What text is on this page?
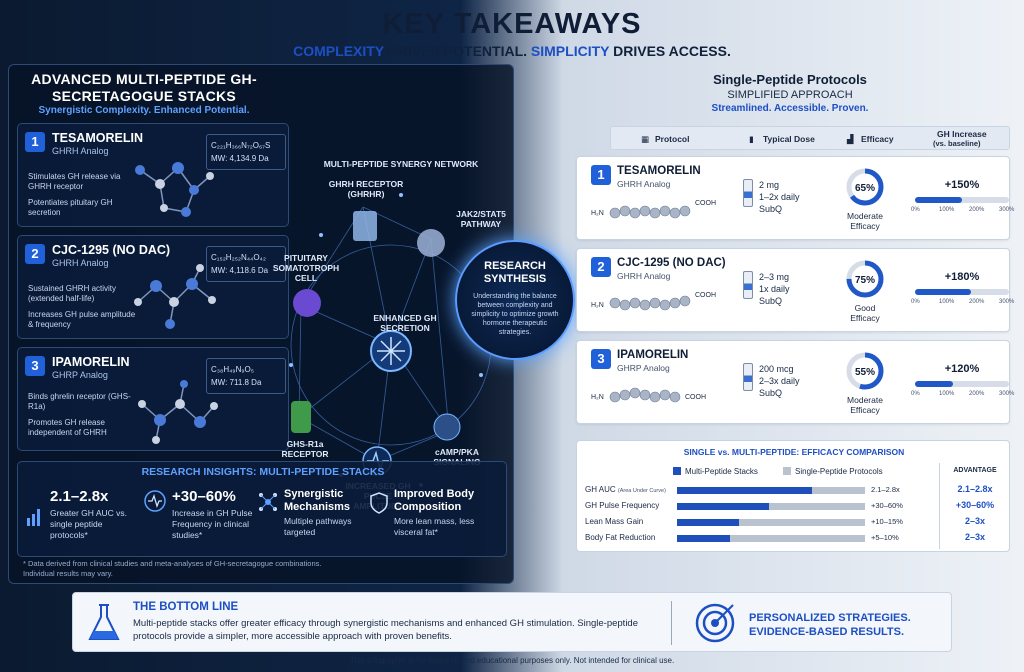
KEY TAKEAWAYS
COMPLEXITY DRIVES POTENTIAL. SIMPLICITY DRIVES ACCESS.
ADVANCED MULTI-PEPTIDE GH-SECRETAGOGUE STACKS
Synergistic Complexity. Enhanced Potential.
1	TESAMORELIN
GHRH Analog
Stimulates GH release via GHRH receptor
Potentiates pituitary GH secretion
C₂₂₁H₃₆₆N₇₂O₆₇S
MW: 4,134.9 Da
2	CJC-1295 (NO DAC)
GHRH Analog
Sustained GHRH activity (extended half-life)
Increases GH pulse amplitude & frequency
C₁₅₂H₂₅₂N₄₄O₄₂
MW: 4,118.6 Da
3	IPAMORELIN
GHRP Analog
Binds ghrelin receptor (GHS-R1a)
Promotes GH release independent of GHRH
C₃₈H₄₉N₉O₅
MW: 711.8 Da
MULTI-PEPTIDE SYNERGY NETWORK
GHRH RECEPTOR (GHRHR)
JAK2/STAT5 PATHWAY
PITUITARY SOMATOTROPH CELL
ENHANCED GH SECRETION
GHS-R1a RECEPTOR	cAMP/PKA
RESEARCH INSIGHTS: MULTI-PEPTIDE STACKS
2.1–2.8x
Greater GH AUC vs. single peptide protocols*
+30–60%
Increase in GH Pulse Frequency in clinical studies*
Synergistic Mechanisms
Multiple pathways targeted
Improved Body Composition
More lean mass, less visceral fat*
* Data derived from clinical studies and meta-analyses of GH-secretagogue combinations. Individual results may vary.
RESEARCH SYNTHESIS
Understanding the balance between complexity and simplicity to optimize growth hormone therapeutic strategies.
Single-Peptide Protocols
SIMPLIFIED APPROACH
Streamlined. Accessible. Proven.
▦ Protocol	▮ Typical Dose	▟ Efficacy	GH Increase
(vs. baseline)
1	TESAMORELIN
GHRH Analog
H₂N
COOH
2 mg
1–2x daily
SubQ
65%
Moderate
Efficacy
+150%
0%	100% 200% 300%
2	CJC-1295 (NO DAC)
GHRH Analog
H₂N
COOH
2–3 mg
1x daily
SubQ
75%
Good
Efficacy
+180%
0%	100% 200% 300%
3	IPAMORELIN
GHRP Analog
H₂N	COOH
200 mcg
2–3x daily
SubQ
55%
Moderate
Efficacy
+120%
0%	100% 200% 300%
SINGLE vs. MULTI-PEPTIDE: EFFICACY COMPARISON
Multi-Peptide Stacks	Single-Peptide Protocols	ADVANTAGE
GH AUC (Area Under Curve)	2.1–2.8x	2.1–2.8x
GH Pulse Frequency	+30–60%	+30–60%
Lean Mass Gain	+10–15%	2–3x
Body Fat Reduction	+5–10%	2–3x
THE BOTTOM LINE
Multi-peptide stacks offer greater efficacy through synergistic mechanisms and enhanced GH stimulation. Single-peptide protocols provide a simpler, more accessible approach with proven benefits.
PERSONALIZED STRATEGIES.
EVIDENCE-BASED RESULTS.
This infographic is for research and educational purposes only. Not intended for clinical use.
